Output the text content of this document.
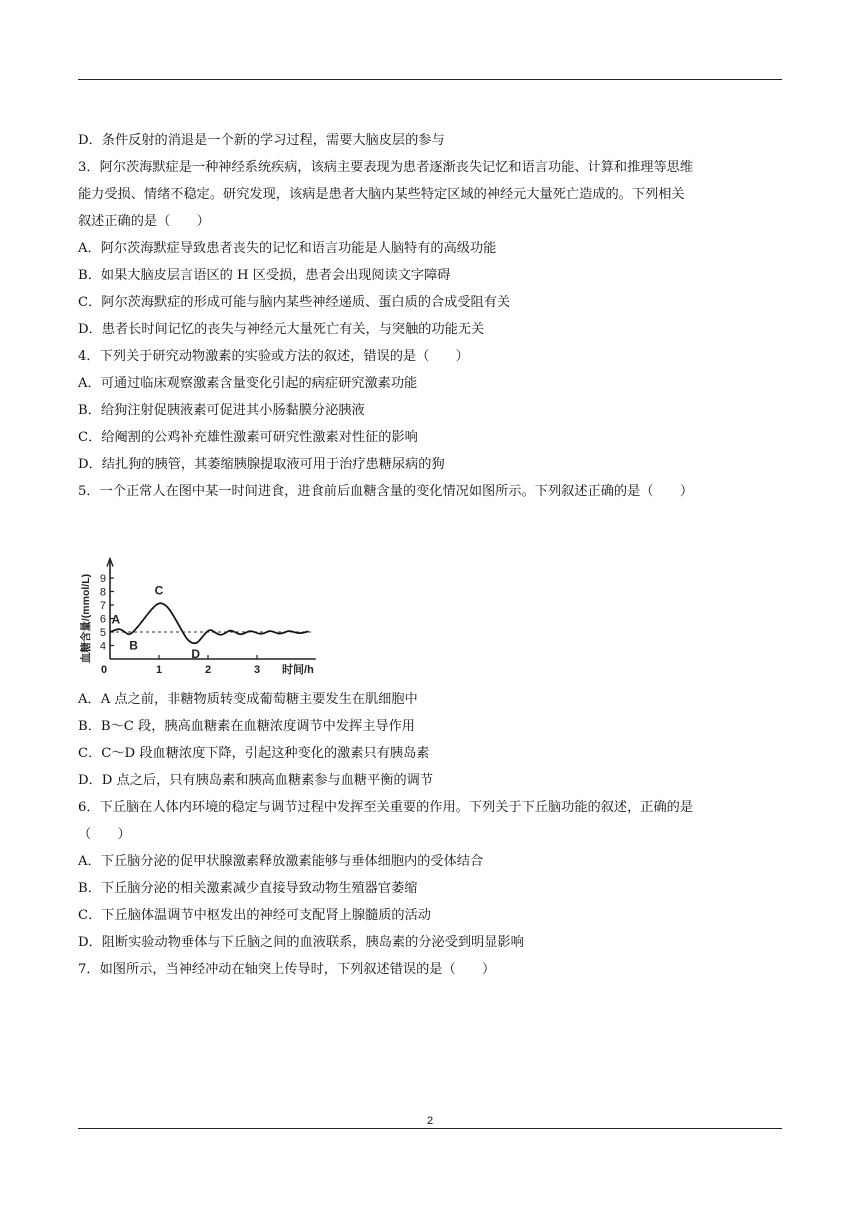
D．条件反射的消退是一个新的学习过程，需要大脑皮层的参与
3．阿尔茨海默症是一种神经系统疾病，该病主要表现为患者逐渐丧失记忆和语言功能、计算和推理等思维
能力受损、情绪不稳定。研究发现，该病是患者大脑内某些特定区域的神经元大量死亡造成的。下列相关
叙述正确的是（　　）
A．阿尔茨海默症导致患者丧失的记忆和语言功能是人脑特有的高级功能
B．如果大脑皮层言语区的 H 区受损，患者会出现阅读文字障碍
C．阿尔茨海默症的形成可能与脑内某些神经递质、蛋白质的合成受阻有关
D．患者长时间记忆的丧失与神经元大量死亡有关，与突触的功能无关
4．下列关于研究动物激素的实验或方法的叙述，错误的是（　　）
A．可通过临床观察激素含量变化引起的病症研究激素功能
B．给狗注射促胰液素可促进其小肠黏膜分泌胰液
C．给阉割的公鸡补充雄性激素可研究性激素对性征的影响
D．结扎狗的胰管，其萎缩胰腺提取液可用于治疗患糖尿病的狗
5．一个正常人在图中某一时间进食，进食前后血糖含量的变化情况如图所示。下列叙述正确的是（　　）
4
5
6
7
8
9
0	1	2	3 时间/h
血糖含量/(mmol/L) A
B
C
D
A．A 点之前，非糖物质转变成葡萄糖主要发生在肌细胞中
B．B～C 段，胰高血糖素在血糖浓度调节中发挥主导作用
C．C～D 段血糖浓度下降，引起这种变化的激素只有胰岛素
D．D 点之后，只有胰岛素和胰高血糖素参与血糖平衡的调节
6．下丘脑在人体内环境的稳定与调节过程中发挥至关重要的作用。下列关于下丘脑功能的叙述，正确的是
（　　）
A．下丘脑分泌的促甲状腺激素释放激素能够与垂体细胞内的受体结合
B．下丘脑分泌的相关激素减少直接导致动物生殖器官萎缩
C．下丘脑体温调节中枢发出的神经可支配肾上腺髓质的活动
D．阻断实验动物垂体与下丘脑之间的血液联系，胰岛素的分泌受到明显影响
7．如图所示，当神经冲动在轴突上传导时，下列叙述错误的是（　　）
2
